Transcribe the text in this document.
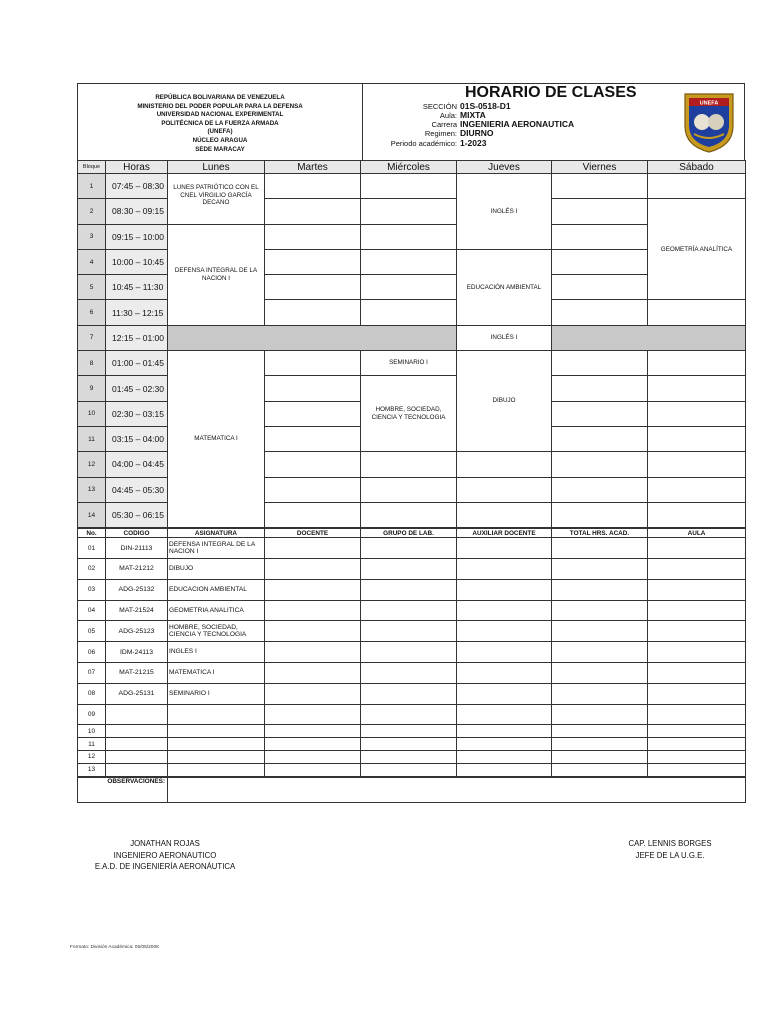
REPÚBLICA BOLIVARIANA DE VENEZUELA
MINISTERIO DEL PODER POPULAR PARA LA DEFENSA
UNIVERSIDAD NACIONAL EXPERIMENTAL
POLITÉCNICA DE LA FUERZA ARMADA
(UNEFA)
NÚCLEO ARAGUA
SEDE MARACAY
HORARIO DE CLASES
SECCIÓN 01S-0518-D1
Aula: MIXTA
Carrera INGENIERIA AERONAUTICA
Regimen: DIURNO
Periodo académico: 1-2023
UNEFA
Bloque	Horas	Lunes	Martes	Miércoles	Jueves	Viernes	Sábado
1	07:45 – 08:30	LUNES PATRIÓTICO CON EL CNEL VIRGILIO GARCÍA DECANO			INGLÉS I		
2	08:30 – 09:15						GEOMETRÍA ANALÍTICA
3	09:15 – 10:00	DEFENSA INTEGRAL DE LA NACION I					
4	10:00 – 10:45				EDUCACIÓN AMBIENTAL		
5	10:45 – 11:30						
6	11:30 – 12:15						
7	12:15 – 01:00				INGLÉS I		
8	01:00 – 01:45	MATEMATICA I		SEMINARIO I	DIBUJO		
9	01:45 – 02:30			HOMBRE, SOCIEDAD, CIENCIA Y TECNOLOGIA			
10	02:30 – 03:15						
11	03:15 – 04:00						
12	04:00 – 04:45						
13	04:45 – 05:30						
14	05:30 – 06:15						
No.	CODIGO	ASIGNATURA	DOCENTE	GRUPO DE LAB.	AUXILIAR DOCENTE	TOTAL HRS. ACAD.	AULA
01	DIN-21113	DEFENSA INTEGRAL DE LA NACION I					
02	MAT-21212	DIBUJO					
03	ADG-25132	EDUCACION AMBIENTAL					
04	MAT-21524	GEOMETRIA ANALITICA					
05	ADG-25123	HOMBRE, SOCIEDAD, CIENCIA Y TECNOLOGIA					
06	IDM-24113	INGLES I					
07	MAT-21215	MATEMATICA I					
08	ADG-25131	SEMINARIO I					
09							
10							
11							
12							
13							
OBSERVACIONES:	
JONATHAN ROJAS
INGENIERO AERONAUTICO
E.A.D. DE INGENIERÍA AERONÁUTICA
CAP. LENNIS BORGES
JEFE DE LA U.G.E.
Formato: División Académica: 05/05/2008
